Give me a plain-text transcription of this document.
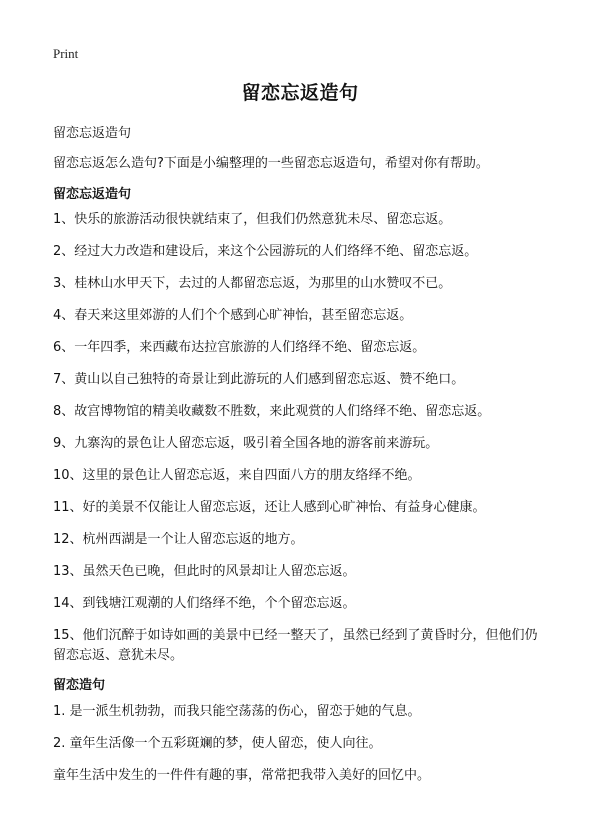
Print
留恋忘返造句
留恋忘返造句
留恋忘返怎么造句?下面是小编整理的一些留恋忘返造句，希望对你有帮助。
留恋忘返造句
1、快乐的旅游活动很快就结束了，但我们仍然意犹未尽、留恋忘返。
2、经过大力改造和建设后，来这个公园游玩的人们络绎不绝、留恋忘返。
3、桂林山水甲天下，去过的人都留恋忘返，为那里的山水赞叹不已。
4、春天来这里郊游的人们个个感到心旷神怡，甚至留恋忘返。
6、一年四季，来西藏布达拉宫旅游的人们络绎不绝、留恋忘返。
7、黄山以自己独特的奇景让到此游玩的人们感到留恋忘返、赞不绝口。
8、故宫博物馆的精美收藏数不胜数，来此观赏的人们络绎不绝、留恋忘返。
9、九寨沟的景色让人留恋忘返，吸引着全国各地的游客前来游玩。
10、这里的景色让人留恋忘返，来自四面八方的朋友络绎不绝。
11、好的美景不仅能让人留恋忘返，还让人感到心旷神怡、有益身心健康。
12、杭州西湖是一个让人留恋忘返的地方。
13、虽然天色已晚，但此时的风景却让人留恋忘返。
14、到钱塘江观潮的人们络绎不绝，个个留恋忘返。
15、他们沉醉于如诗如画的美景中已经一整天了，虽然已经到了黄昏时分，但他们仍留恋忘返、意犹未尽。
留恋造句
1. 是一派生机勃勃，而我只能空荡荡的伤心，留恋于她的气息。
2. 童年生活像一个五彩斑斓的梦，使人留恋，使人向往。
童年生活中发生的一件件有趣的事，常常把我带入美好的回忆中。
